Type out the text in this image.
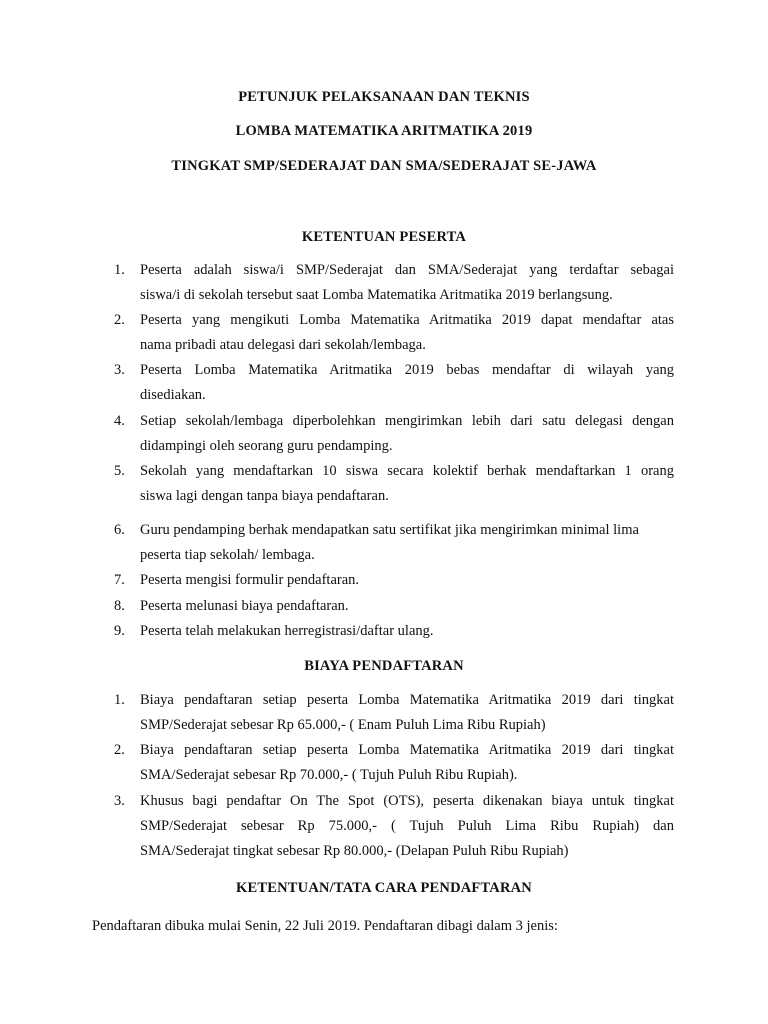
PETUNJUK PELAKSANAAN DAN TEKNIS
LOMBA MATEMATIKA ARITMATIKA 2019
TINGKAT SMP/SEDERAJAT DAN SMA/SEDERAJAT SE-JAWA
KETENTUAN PESERTA
1.	Peserta adalah siswa/i SMP/Sederajat dan SMA/Sederajat yang terdaftar sebagai
siswa/i di sekolah tersebut saat Lomba Matematika Aritmatika 2019 berlangsung.
2.	Peserta yang mengikuti Lomba Matematika Aritmatika 2019 dapat mendaftar atas
nama pribadi atau delegasi dari sekolah/lembaga.
3.	Peserta Lomba Matematika Aritmatika 2019 bebas mendaftar di wilayah yang
disediakan.
4.	Setiap sekolah/lembaga diperbolehkan mengirimkan lebih dari satu delegasi dengan
didampingi oleh seorang guru pendamping.
5.	Sekolah yang mendaftarkan 10 siswa secara kolektif berhak mendaftarkan 1 orang
siswa lagi dengan tanpa biaya pendaftaran.
6.	Guru pendamping berhak mendapatkan satu sertifikat jika mengirimkan minimal lima
peserta tiap sekolah/ lembaga.
7.	Peserta mengisi formulir pendaftaran.
8.	Peserta melunasi biaya pendaftaran.
9.	Peserta telah melakukan herregistrasi/daftar ulang.
BIAYA PENDAFTARAN
1.	Biaya pendaftaran setiap peserta Lomba Matematika Aritmatika 2019 dari tingkat
SMP/Sederajat sebesar Rp 65.000,- ( Enam Puluh Lima Ribu Rupiah)
2.	Biaya pendaftaran setiap peserta Lomba Matematika Aritmatika 2019 dari tingkat
SMA/Sederajat sebesar Rp 70.000,- ( Tujuh Puluh Ribu Rupiah).
3.	Khusus bagi pendaftar On The Spot (OTS), peserta dikenakan biaya untuk tingkat
SMP/Sederajat sebesar Rp 75.000,- ( Tujuh Puluh Lima Ribu Rupiah) dan
SMA/Sederajat tingkat sebesar Rp 80.000,- (Delapan Puluh Ribu Rupiah)
KETENTUAN/TATA CARA PENDAFTARAN
Pendaftaran dibuka mulai Senin, 22 Juli 2019. Pendaftaran dibagi dalam 3 jenis:
